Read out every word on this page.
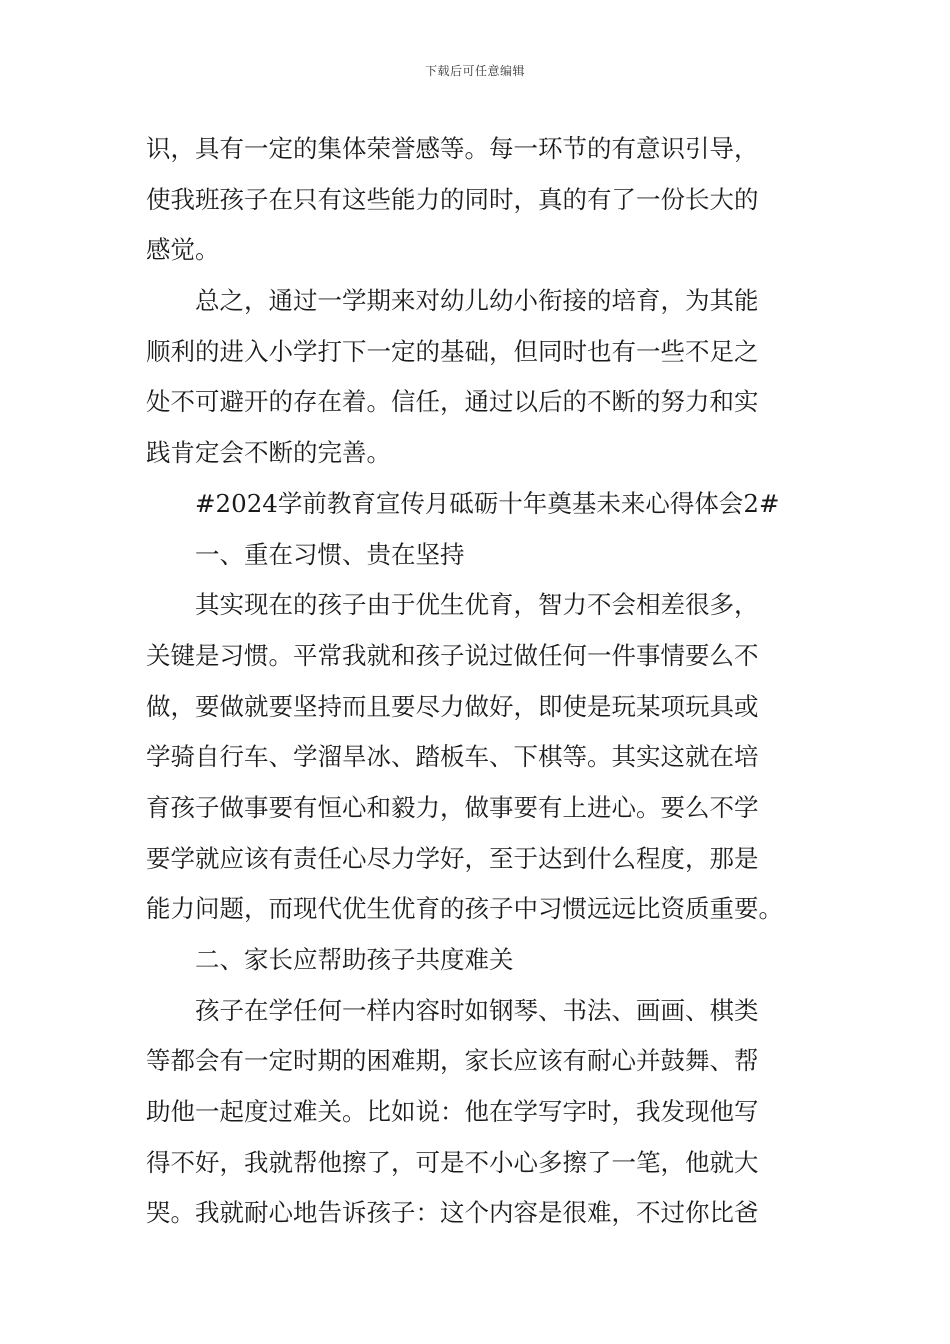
下载后可任意编辑
识，具有一定的集体荣誉感等。每一环节的有意识引导，
使我班孩子在只有这些能力的同时，真的有了一份长大的
感觉。
总之，通过一学期来对幼儿幼小衔接的培育，为其能
顺利的进入小学打下一定的基础，但同时也有一些不足之
处不可避开的存在着。信任，通过以后的不断的努力和实
践肯定会不断的完善。
#2024学前教育宣传月砥砺十年奠基未来心得体会2#
一、重在习惯、贵在坚持
其实现在的孩子由于优生优育，智力不会相差很多，
关键是习惯。平常我就和孩子说过做任何一件事情要么不
做，要做就要坚持而且要尽力做好，即使是玩某项玩具或
学骑自行车、学溜旱冰、踏板车、下棋等。其实这就在培
育孩子做事要有恒心和毅力，做事要有上进心。要么不学
要学就应该有责任心尽力学好，至于达到什么程度，那是
能力问题，而现代优生优育的孩子中习惯远远比资质重要。
二、家长应帮助孩子共度难关
孩子在学任何一样内容时如钢琴、书法、画画、棋类
等都会有一定时期的困难期，家长应该有耐心并鼓舞、帮
助他一起度过难关。比如说：他在学写字时，我发现他写
得不好，我就帮他擦了，可是不小心多擦了一笔，他就大
哭。我就耐心地告诉孩子：这个内容是很难，不过你比爸
